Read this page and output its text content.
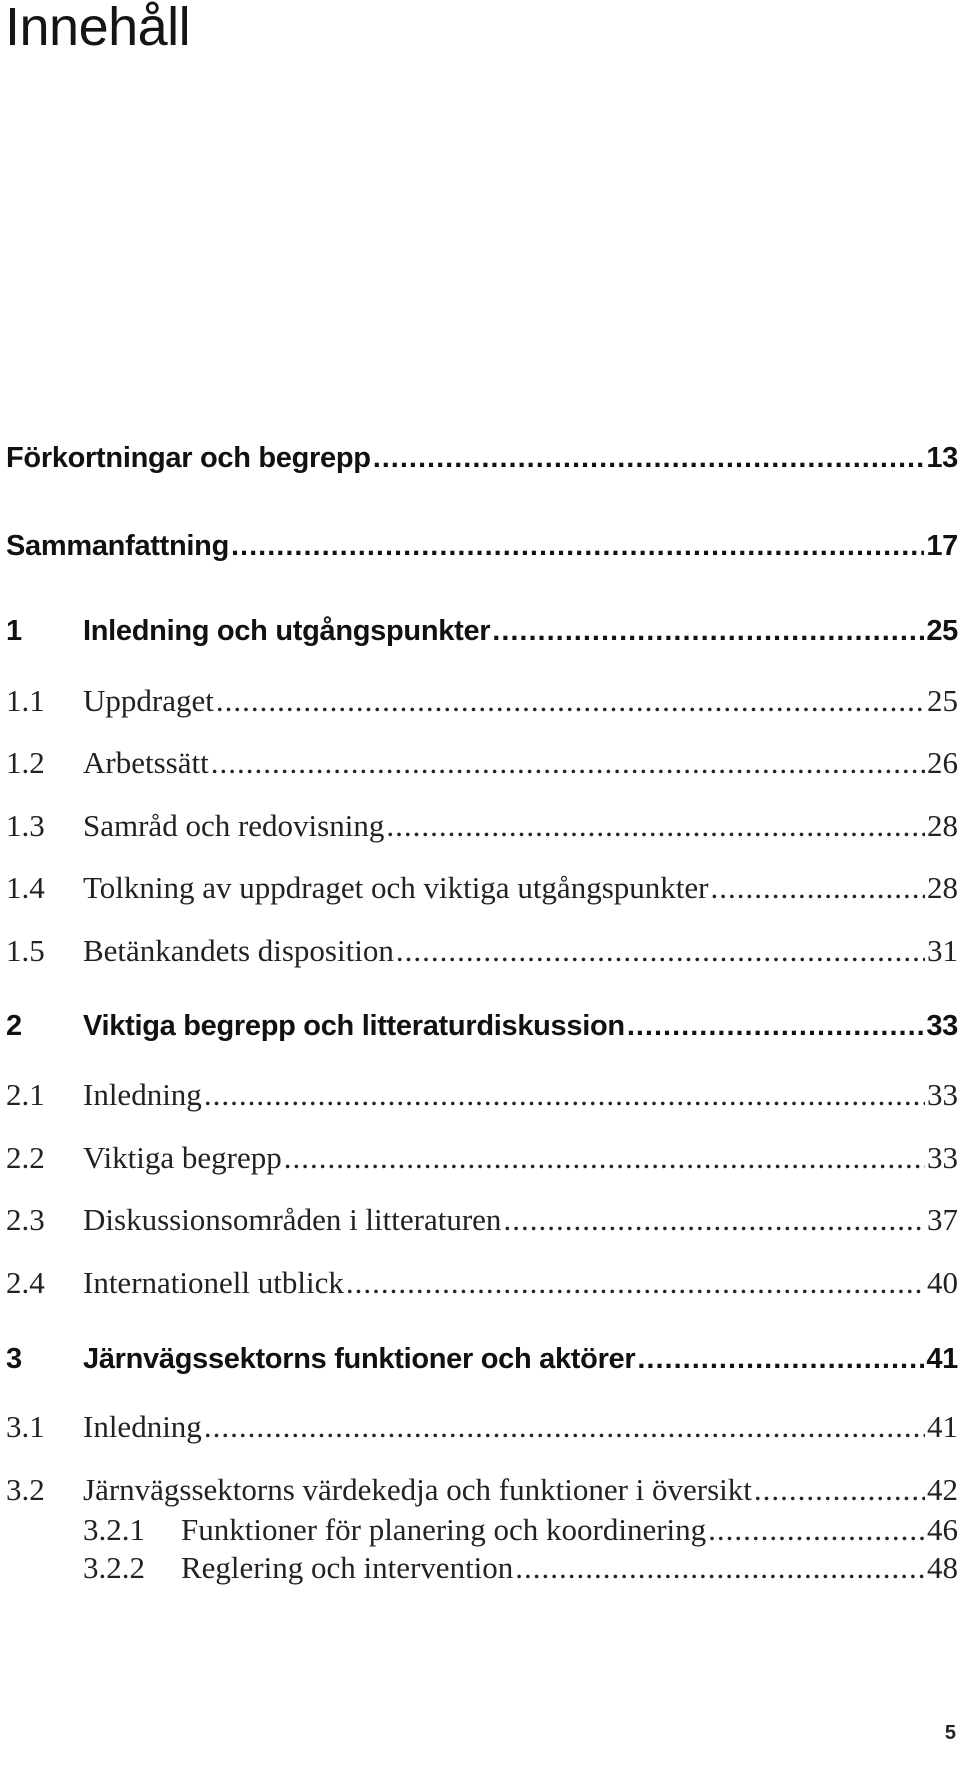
Innehåll
Förkortningar och begrepp .....	13
Sammanfattning .....	17
1	Inledning och utgångspunkter .....	25
1.1	Uppdraget .....	25
1.2	Arbetssätt .....	26
1.3	Samråd och redovisning .....	28
1.4	Tolkning av uppdraget och viktiga utgångspunkter .....	28
1.5	Betänkandets disposition .....	31
2	Viktiga begrepp och litteraturdiskussion .....	33
2.1	Inledning .....	33
2.2	Viktiga begrepp .....	33
2.3	Diskussionsområden i litteraturen .....	37
2.4	Internationell utblick .....	40
3	Järnvägssektorns funktioner och aktörer .....	41
3.1	Inledning .....	41
3.2	Järnvägssektorns värdekedja och funktioner i översikt .....	42
3.2.1	Funktioner för planering och koordinering .....	46
3.2.2	Reglering och intervention .....	48
5
